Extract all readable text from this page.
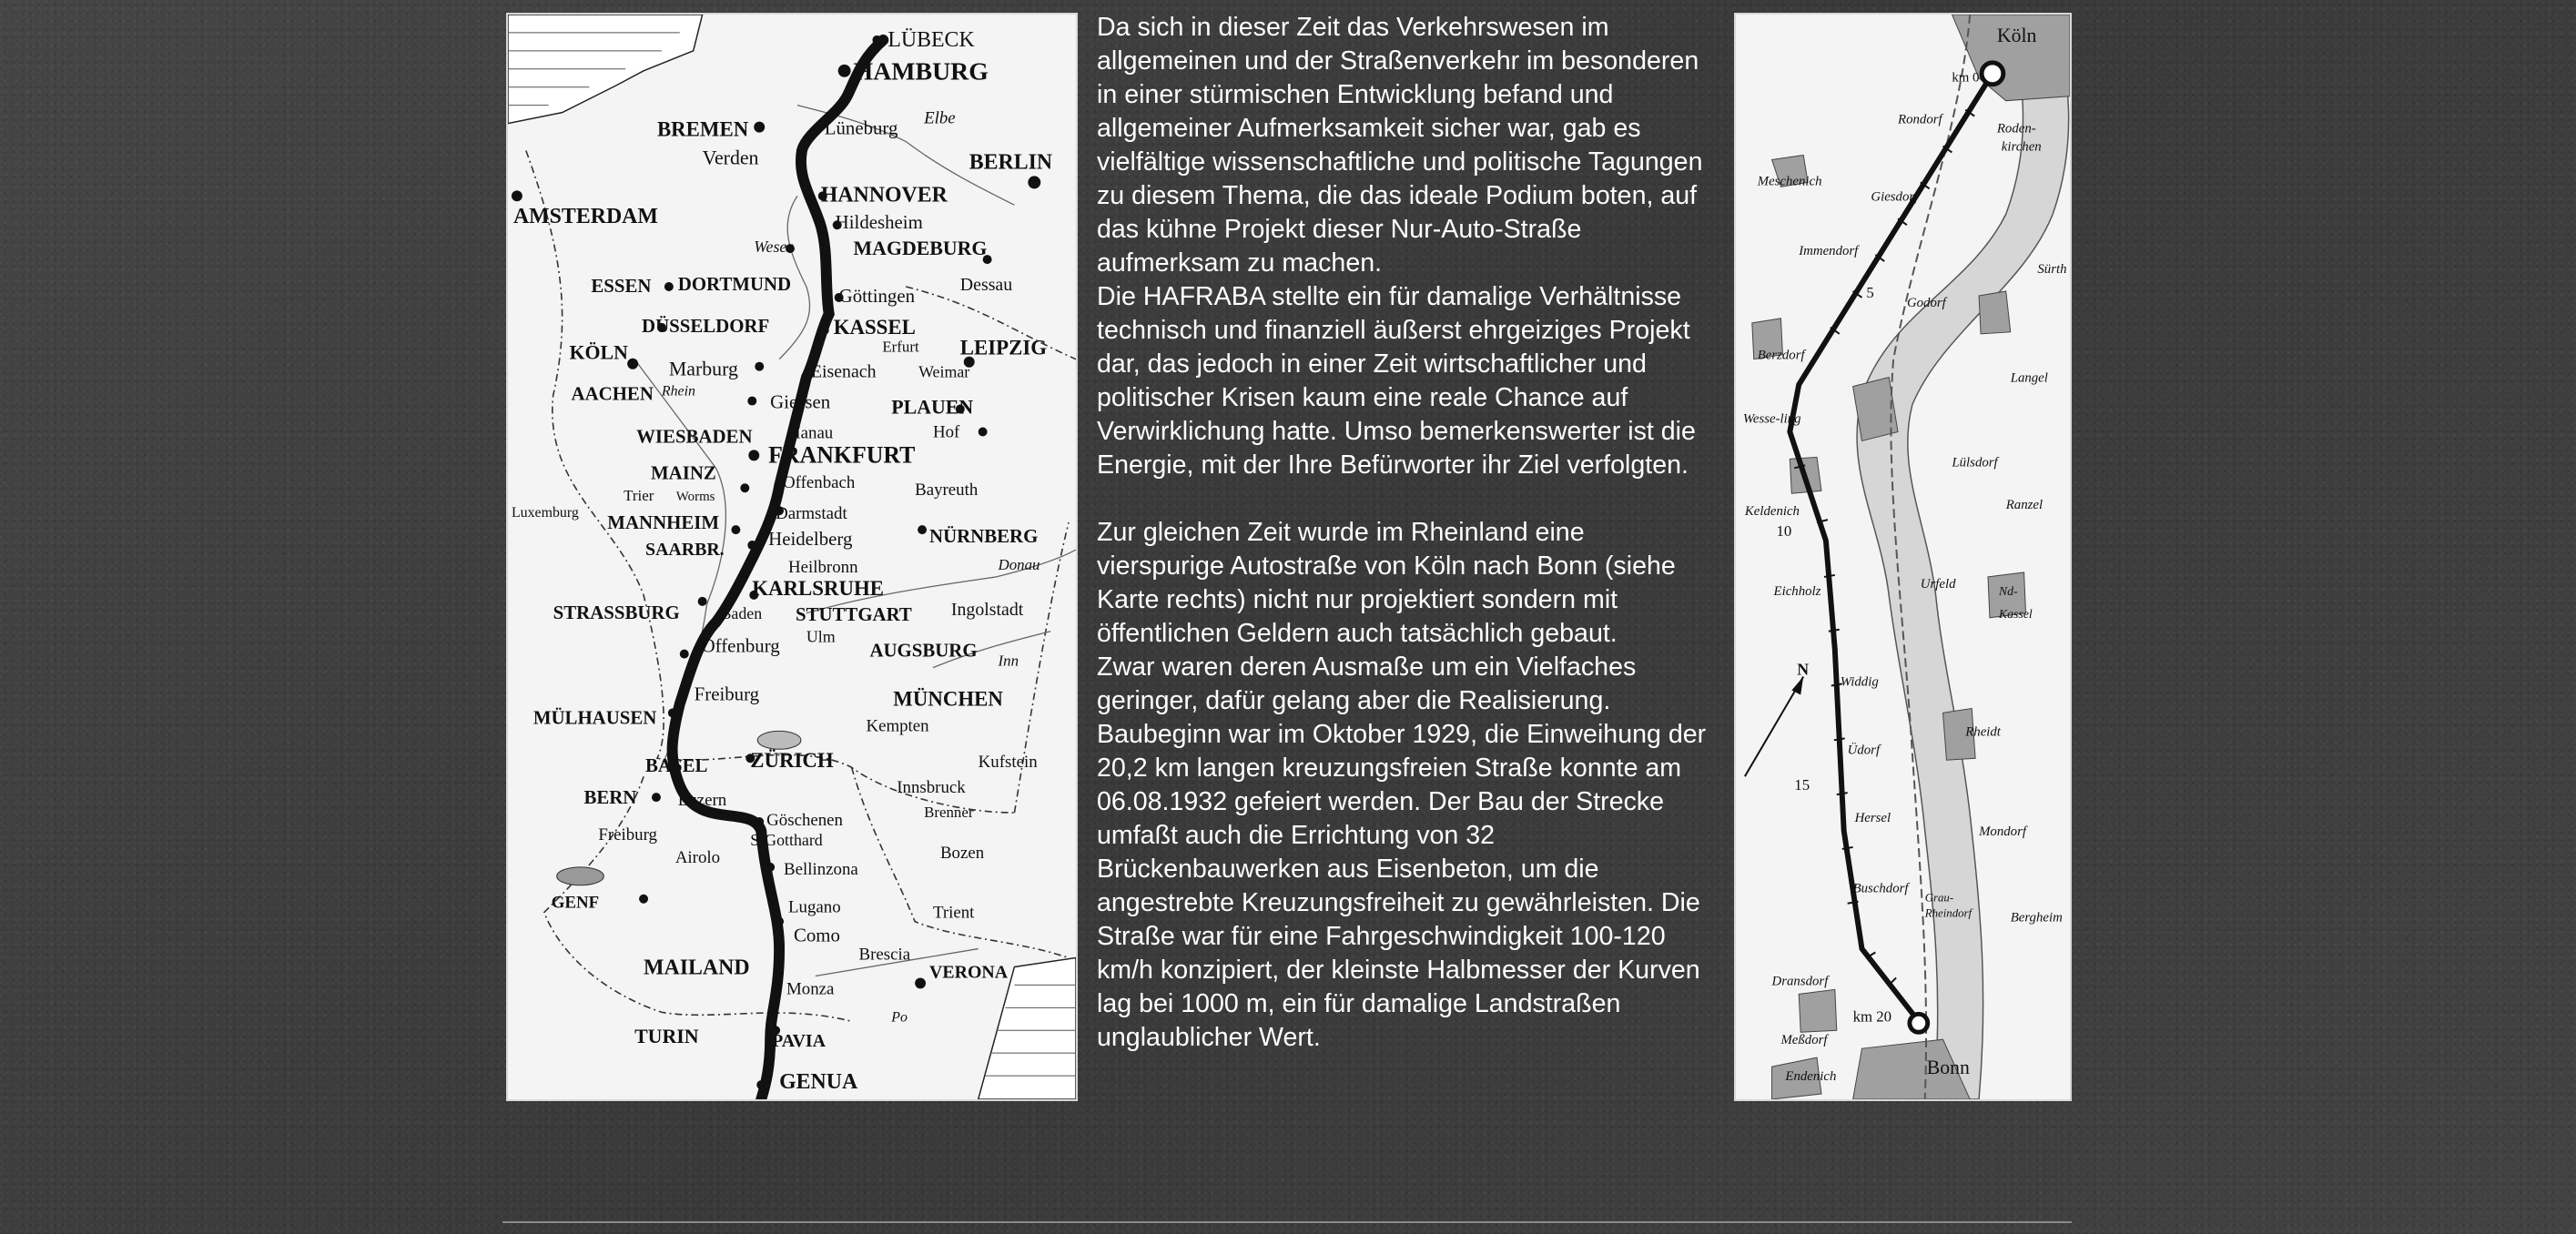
LÜBECK
HAMBURG
BREMEN
Verden
Lüneburg Elbe
BERLIN
AMSTERDAM
HANNOVER
Hildesheim
Weser	MAGDEBURG
ESSEN DORTMUND	Dessau
Göttingen
DÜSSELDORF	KASSEL
KÖLN	Erfurt LEIPZIG
Marburg	Eisenach	Weimar
AACHEN Rhein	Giessen	PLAUEN
WIESBADEN Hanau	Hof
FRANKFURT
MAINZ	Offenbach
Trier Worms
Darmstadt
Bayreuth
Luxemburg MANNHEIM
Heidelberg	NÜRNBERG
SAARBR.
Heilbronn	Donau
KARLSRUHE
STRASSBURG Baden STUTTGART Ingolstadt
Ulm
Offenburg	AUGSBURG Inn
MÜNCHEN
Freiburg
MÜLHAUSEN	Kempten
BASEL ZÜRICH	Kufstein
BERN Luzern
Innsbruck
Brenner
Göschenen
Freiburg	S!Gotthard
Airolo	Bozen
Bellinzona
GENF	Lugano	Trient
Como
Brescia
MAILAND	VERONA
Monza
Po
TURIN	PAVIA
GENUA

Da sich in dieser Zeit das Verkehrswesen im allgemeinen und der Straßenverkehr im besonderen in einer stürmischen Entwicklung befand und allgemeiner Aufmerksamkeit sicher war, gab es vielfältige wissenschaftliche und politische Tagungen zu diesem Thema, die das ideale Podium boten, auf das kühne Projekt dieser Nur-Auto-Straße aufmerksam zu machen.

Die HAFRABA stellte ein für damalige Verhältnisse technisch und finanziell äußerst ehrgeiziges Projekt dar, das jedoch in einer Zeit wirtschaftlicher und politischer Krisen kaum eine reale Chance auf Verwirklichung hatte. Umso bemerkenswerter ist die Energie, mit der Ihre Befürworter ihr Ziel verfolgten.

Zur gleichen Zeit wurde im Rheinland eine vierspurige Autostraße von Köln nach Bonn (siehe Karte rechts) nicht nur projektiert sondern mit öffentlichen Geldern auch tatsächlich gebaut.

Zwar waren deren Ausmaße um ein Vielfaches geringer, dafür gelang aber die Realisierung. Baubeginn war im Oktober 1929, die Einweihung der 20,2 km langen kreuzungsfreien Straße konnte am 06.08.1932 gefeiert werden. Der Bau der Strecke umfaßt auch die Errichtung von 32 Brückenbauwerken aus Eisenbeton, um die angestrebte Kreuzungsfreiheit zu gewährleisten. Die Straße war für eine Fahrgeschwindigkeit 100-120 km/h konzipiert, der kleinste Halbmesser der Kurven lag bei 1000 m, ein für damalige Landstraßen unglaublicher Wert.

Köln
km 0
Roden-
kirchen
Rondorf
Meschenich
Giesdorf
Immendorf
Sürth
5
Godorf
Berzdorf
Langel
Wesse-ling
Lülsdorf
Keldenich	Ranzel
10
Eichholz	Urfeld
Nd-
Kassel
N
Widdig
Rheidt
Üdorf
15
Hersel
Mondorf
Buschdorf
Grau-
Rheindorf	Bergheim
Dransdorf
Meßdorf
km 20
Endenich	Bonn
